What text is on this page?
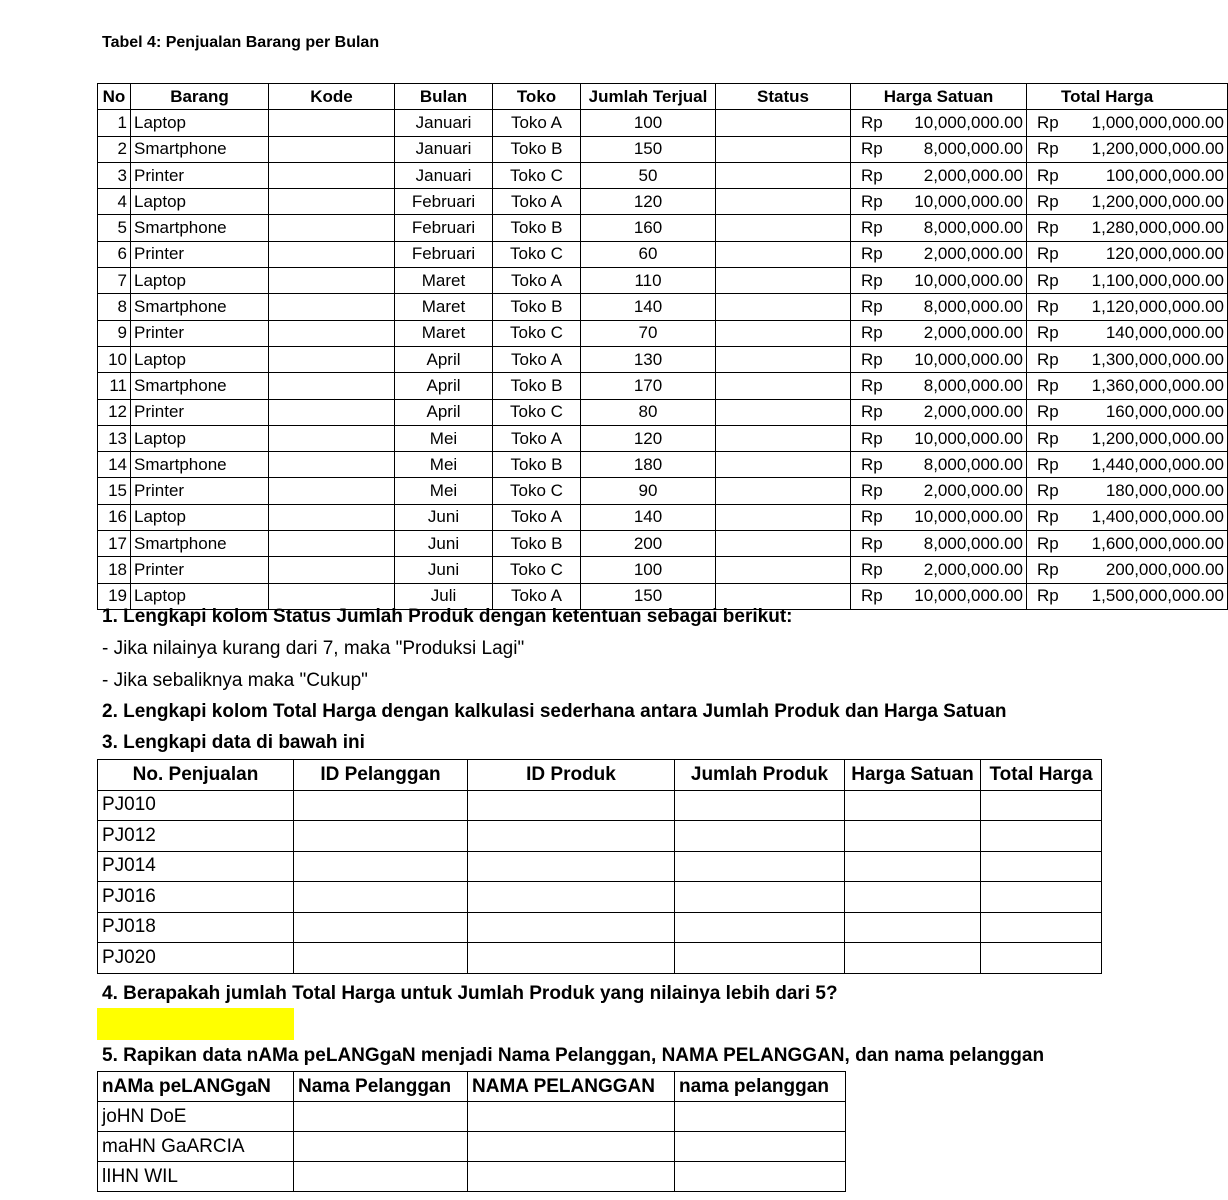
Tabel 4: Penjualan Barang per Bulan
No	Barang	Kode	Bulan	Toko	Jumlah Terjual	Status	Harga Satuan	Total Harga
1	Laptop		Januari	Toko A	100		Rp 10,000,000.00	Rp 1,000,000,000.00

2	Smartphone		Januari	Toko B	150		Rp 8,000,000.00	Rp 1,200,000,000.00

3	Printer		Januari	Toko C	50		Rp 2,000,000.00	Rp 100,000,000.00

4	Laptop		Februari	Toko A	120		Rp 10,000,000.00	Rp 1,200,000,000.00

5	Smartphone		Februari	Toko B	160		Rp 8,000,000.00	Rp 1,280,000,000.00

6	Printer		Februari	Toko C	60		Rp 2,000,000.00	Rp 120,000,000.00

7	Laptop		Maret	Toko A	110		Rp 10,000,000.00	Rp 1,100,000,000.00

8	Smartphone		Maret	Toko B	140		Rp 8,000,000.00	Rp 1,120,000,000.00

9	Printer		Maret	Toko C	70		Rp 2,000,000.00	Rp 140,000,000.00

10	Laptop		April	Toko A	130		Rp 10,000,000.00	Rp 1,300,000,000.00

11	Smartphone		April	Toko B	170		Rp 8,000,000.00	Rp 1,360,000,000.00

12	Printer		April	Toko C	80		Rp 2,000,000.00	Rp 160,000,000.00

13	Laptop		Mei	Toko A	120		Rp 10,000,000.00	Rp 1,200,000,000.00

14	Smartphone		Mei	Toko B	180		Rp 8,000,000.00	Rp 1,440,000,000.00

15	Printer		Mei	Toko C	90		Rp 2,000,000.00	Rp 180,000,000.00

16	Laptop		Juni	Toko A	140		Rp 10,000,000.00	Rp 1,400,000,000.00

17	Smartphone		Juni	Toko B	200		Rp 8,000,000.00	Rp 1,600,000,000.00

18	Printer		Juni	Toko C	100		Rp 2,000,000.00	Rp 200,000,000.00

19	Laptop		Juli	Toko A	150		Rp 10,000,000.00	Rp 1,500,000,000.00
1. Lengkapi kolom Status Jumlah Produk dengan ketentuan sebagai berikut:
- Jika nilainya kurang dari 7, maka "Produksi Lagi"
- Jika sebaliknya maka "Cukup"
2. Lengkapi kolom Total Harga dengan kalkulasi sederhana antara Jumlah Produk dan Harga Satuan
3. Lengkapi data di bawah ini
No. Penjualan	ID Pelanggan	ID Produk	Jumlah Produk	Harga Satuan	Total Harga
PJ010					
PJ012					
PJ014					
PJ016					
PJ018					
PJ020					
4. Berapakah jumlah Total Harga untuk Jumlah Produk yang nilainya lebih dari 5?
5. Rapikan data nAMa peLANGgaN menjadi Nama Pelanggan, NAMA PELANGGAN, dan nama pelanggan
nAMa peLANGgaN	Nama Pelanggan	NAMA PELANGGAN	nama pelanggan
joHN DoE			
maHN GaARCIA			
lIHN WIL			
